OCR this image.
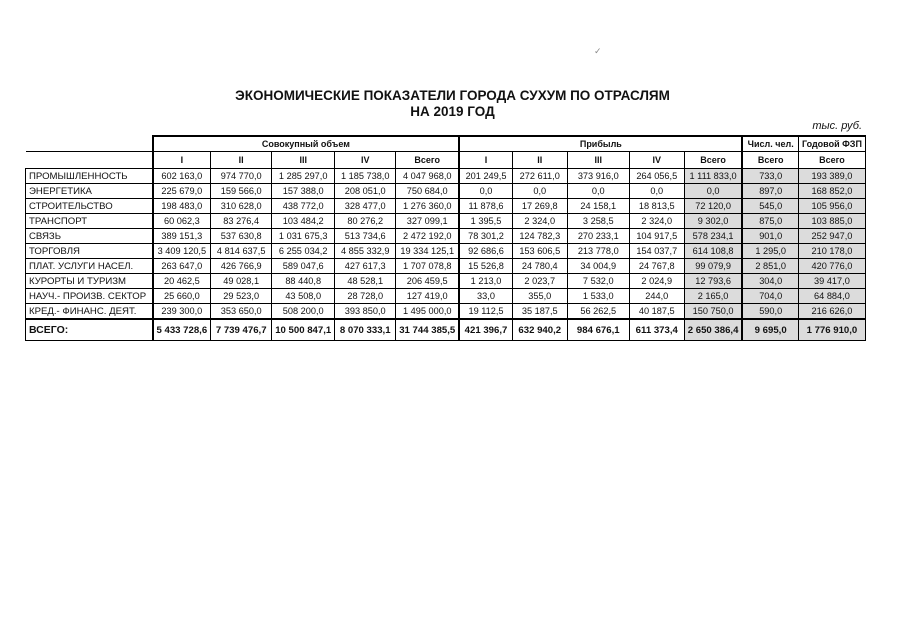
✓
ЭКОНОМИЧЕСКИЕ ПОКАЗАТЕЛИ ГОРОДА СУХУМ ПО ОТРАСЛЯМ
НА 2019 ГОД
тыс. руб.
	Совокупный объем					Прибыль					Числ. чел.	Годовой ФЗП
	I	II	III	IV	Всего	I	II	III	IV	Всего	Всего	Всего
ПРОМЫШЛЕННОСТЬ	602 163,0	974 770,0	1 285 297,0	1 185 738,0	4 047 968,0	201 249,5	272 611,0	373 916,0	264 056,5	1 111 833,0	733,0	193 389,0
ЭНЕРГЕТИКА	225 679,0	159 566,0	157 388,0	208 051,0	750 684,0	0,0	0,0	0,0	0,0	0,0	897,0	168 852,0
СТРОИТЕЛЬСТВО	198 483,0	310 628,0	438 772,0	328 477,0	1 276 360,0	11 878,6	17 269,8	24 158,1	18 813,5	72 120,0	545,0	105 956,0
ТРАНСПОРТ	60 062,3	83 276,4	103 484,2	80 276,2	327 099,1	1 395,5	2 324,0	3 258,5	2 324,0	9 302,0	875,0	103 885,0
СВЯЗЬ	389 151,3	537 630,8	1 031 675,3	513 734,6	2 472 192,0	78 301,2	124 782,3	270 233,1	104 917,5	578 234,1	901,0	252 947,0
ТОРГОВЛЯ	3 409 120,5	4 814 637,5	6 255 034,2	4 855 332,9	19 334 125,1	92 686,6	153 606,5	213 778,0	154 037,7	614 108,8	1 295,0	210 178,0
ПЛАТ. УСЛУГИ НАСЕЛ.	263 647,0	426 766,9	589 047,6	427 617,3	1 707 078,8	15 526,8	24 780,4	34 004,9	24 767,8	99 079,9	2 851,0	420 776,0
КУРОРТЫ И ТУРИЗМ	20 462,5	49 028,1	88 440,8	48 528,1	206 459,5	1 213,0	2 023,7	7 532,0	2 024,9	12 793,6	304,0	39 417,0
НАУЧ.- ПРОИЗВ. СЕКТОР	25 660,0	29 523,0	43 508,0	28 728,0	127 419,0	33,0	355,0	1 533,0	244,0	2 165,0	704,0	64 884,0
КРЕД.- ФИНАНС. ДЕЯТ.	239 300,0	353 650,0	508 200,0	393 850,0	1 495 000,0	19 112,5	35 187,5	56 262,5	40 187,5	150 750,0	590,0	216 626,0
ВСЕГО:	5 433 728,6	7 739 476,7	10 500 847,1	8 070 333,1	31 744 385,5	421 396,7	632 940,2	984 676,1	611 373,4	2 650 386,4	9 695,0	1 776 910,0
